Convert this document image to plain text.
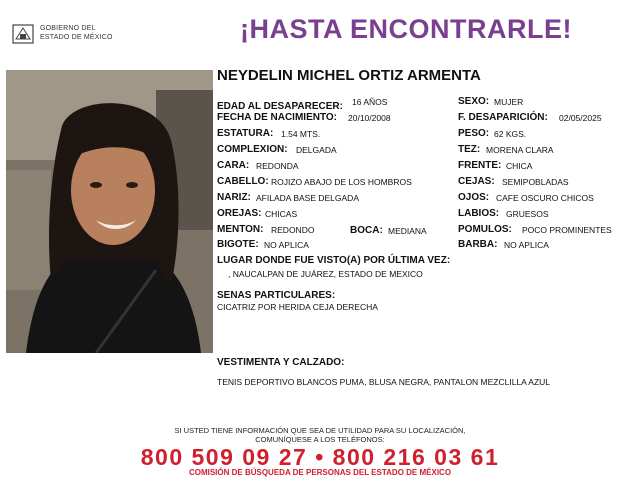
GOBIERNO DEL
ESTADO DE MÉXICO	¡HASTA ENCONTRARLE!
NEYDELIN MICHEL ORTIZ ARMENTA
EDAD AL DESAPARECER: 16 AÑOS
FECHA DE NACIMIENTO: 20/10/2008
ESTATURA: 1.54 MTS.
COMPLEXION: DELGADA
CARA: REDONDA
CABELLO: ROJIZO ABAJO DE LOS HOMBROS
NARIZ: AFILADA BASE DELGADA
OREJAS: CHICAS
MENTON: REDONDO	BOCA: MEDIANA
BIGOTE: NO APLICA
SEXO: MUJER
F. DESAPARICIÓN: 02/05/2025
PESO: 62 KGS.
TEZ: MORENA CLARA
FRENTE: CHICA
CEJAS: SEMIPOBLADAS
OJOS: CAFE OSCURO CHICOS
LABIOS: GRUESOS
POMULOS: POCO PROMINENTES
BARBA: NO APLICA
LUGAR DONDE FUE VISTO(A) POR ÚLTIMA VEZ:
, NAUCALPAN DE JUÁREZ, ESTADO DE MEXICO
SENAS PARTICULARES:
CICATRIZ POR HERIDA CEJA DERECHA
VESTIMENTA Y CALZADO:
TENIS DEPORTIVO BLANCOS PUMA, BLUSA NEGRA, PANTALON MEZCLILLA AZUL
SI USTED TIENE INFORMACIÓN QUE SEA DE UTILIDAD PARA SU LOCALIZACIÓN,
COMUNÍQUESE A LOS TELÉFONOS:
800 509 09 27 • 800 216 03 61
COMISIÓN DE BÚSQUEDA DE PERSONAS DEL ESTADO DE MÉXICO
